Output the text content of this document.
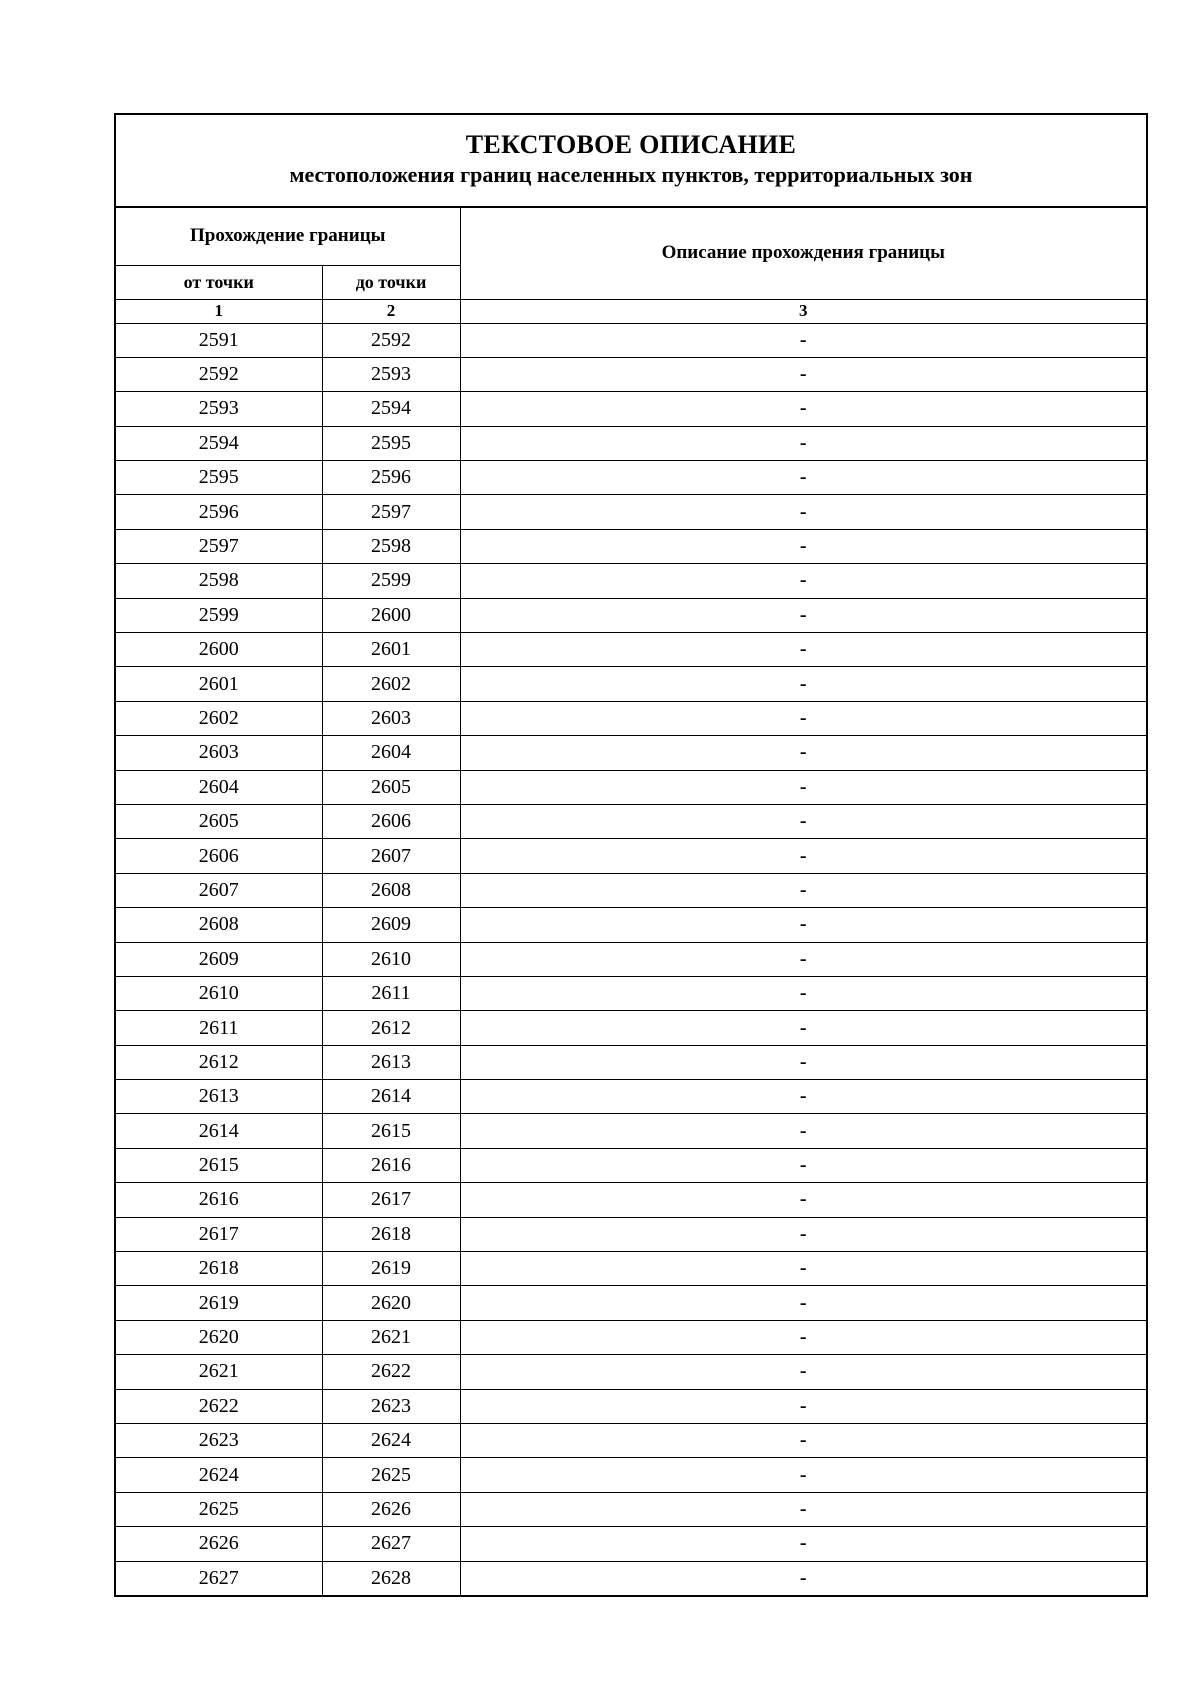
ТЕКСТОВОЕ ОПИСАНИЕ
местоположения границ населенных пунктов, территориальных зон
Прохождение границы		Описание прохождения границы
от точки	до точки	
1	2	3
2591	2592	-
2592	2593	-
2593	2594	-
2594	2595	-
2595	2596	-
2596	2597	-
2597	2598	-
2598	2599	-
2599	2600	-
2600	2601	-
2601	2602	-
2602	2603	-
2603	2604	-
2604	2605	-
2605	2606	-
2606	2607	-
2607	2608	-
2608	2609	-
2609	2610	-
2610	2611	-
2611	2612	-
2612	2613	-
2613	2614	-
2614	2615	-
2615	2616	-
2616	2617	-
2617	2618	-
2618	2619	-
2619	2620	-
2620	2621	-
2621	2622	-
2622	2623	-
2623	2624	-
2624	2625	-
2625	2626	-
2626	2627	-
2627	2628	-
